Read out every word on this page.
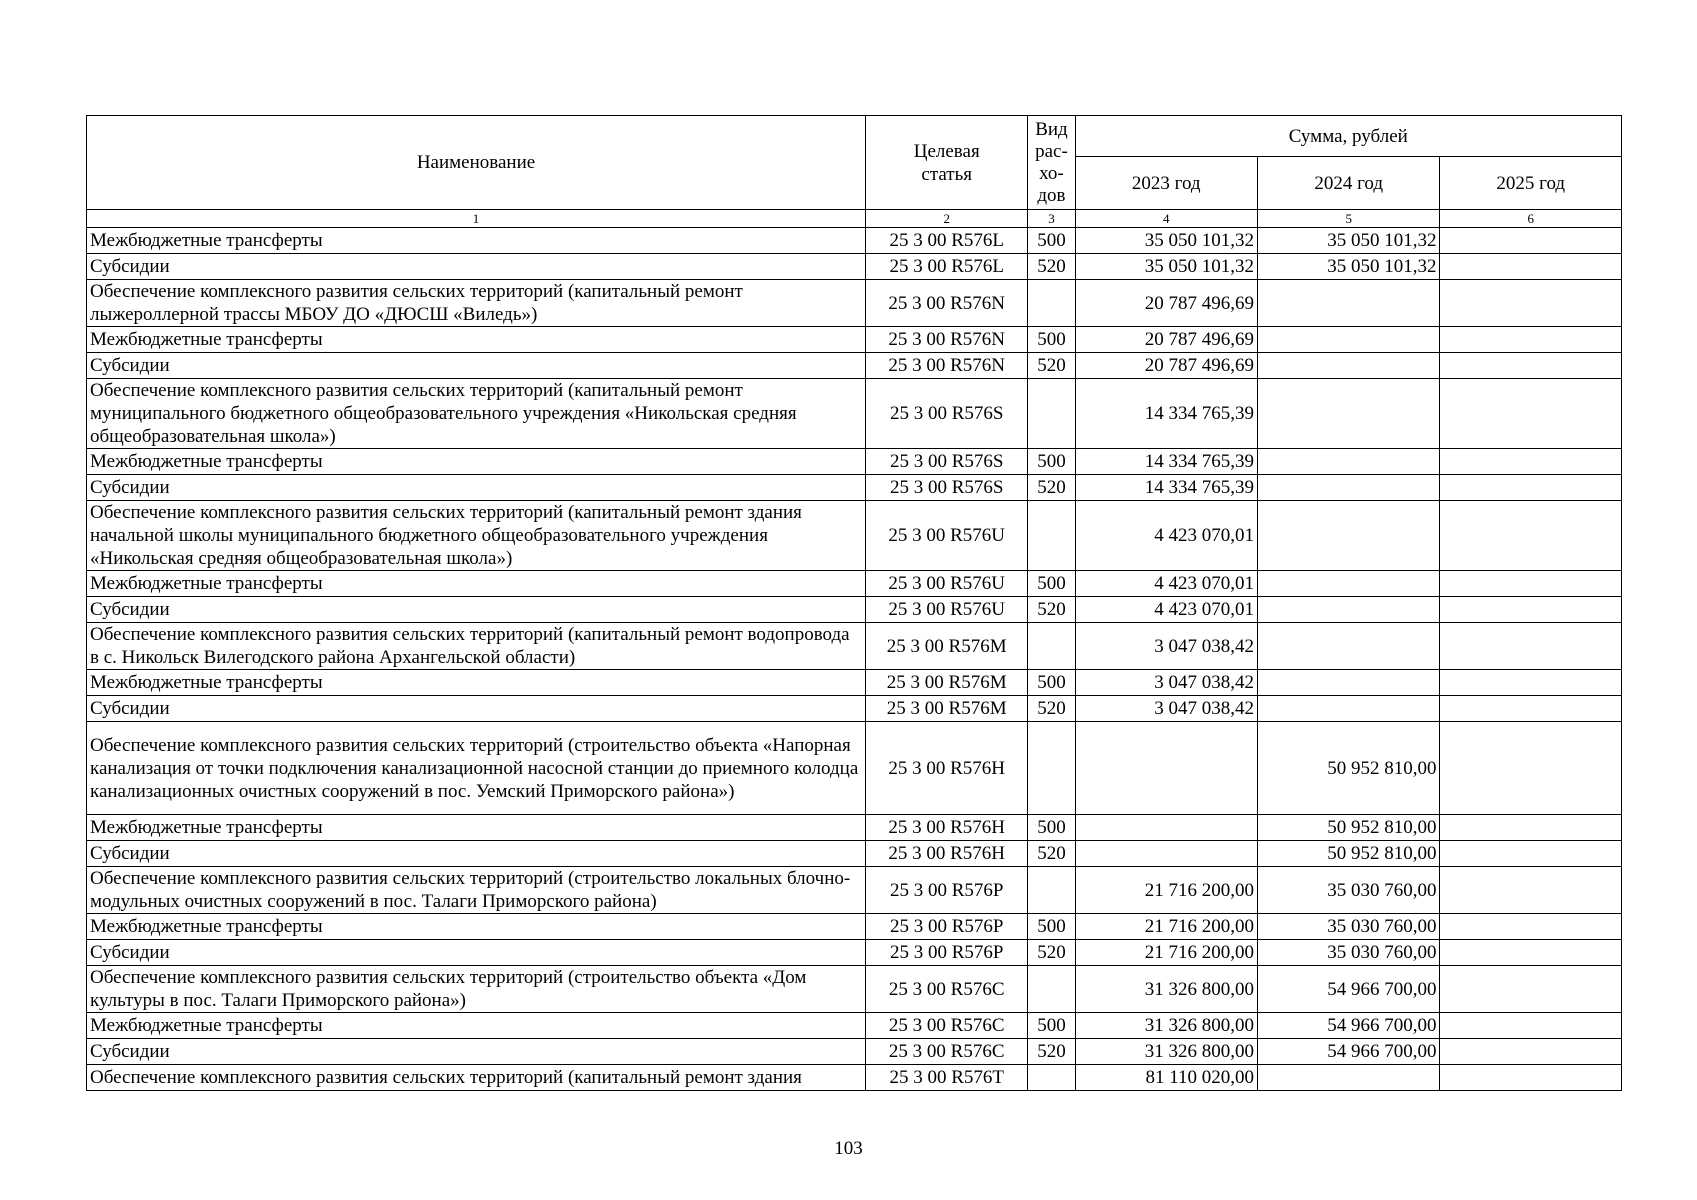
Наименование	Целевая статья	Вид рас-хо-дов	Сумма, рублей		
			2023 год	2024 год	2025 год
1	2	3	4	5	6
Межбюджетные трансферты	25 3 00 R576L	500	35 050 101,32	35 050 101,32	
Субсидии	25 3 00 R576L	520	35 050 101,32	35 050 101,32	
Обеспечение комплексного развития сельских территорий (капитальный ремонт лыжероллерной трассы МБОУ ДО «ДЮСШ «Виледь»)	25 3 00 R576N		20 787 496,69		
Межбюджетные трансферты	25 3 00 R576N	500	20 787 496,69		
Субсидии	25 3 00 R576N	520	20 787 496,69		
Обеспечение комплексного развития сельских территорий (капитальный ремонт муниципального бюджетного общеобразовательного учреждения «Никольская средняя общеобразовательная школа»)	25 3 00 R576S		14 334 765,39		
Межбюджетные трансферты	25 3 00 R576S	500	14 334 765,39		
Субсидии	25 3 00 R576S	520	14 334 765,39		
Обеспечение комплексного развития сельских территорий (капитальный ремонт здания начальной школы муниципального бюджетного общеобразовательного учреждения «Никольская средняя общеобразовательная школа»)	25 3 00 R576U		4 423 070,01		
Межбюджетные трансферты	25 3 00 R576U	500	4 423 070,01		
Субсидии	25 3 00 R576U	520	4 423 070,01		
Обеспечение комплексного развития сельских территорий (капитальный ремонт водопровода в с. Никольск Вилегодского района Архангельской области)	25 3 00 R576M		3 047 038,42		
Межбюджетные трансферты	25 3 00 R576M	500	3 047 038,42		
Субсидии	25 3 00 R576M	520	3 047 038,42		
Обеспечение комплексного развития сельских территорий (строительство объекта «Напорная канализация от точки подключения канализационной насосной станции до приемного колодца канализационных очистных сооружений в пос. Уемский Приморского района»)	25 3 00 R576H			50 952 810,00	
Межбюджетные трансферты	25 3 00 R576H	500		50 952 810,00	
Субсидии	25 3 00 R576H	520		50 952 810,00	
Обеспечение комплексного развития сельских территорий (строительство локальных блочно-модульных очистных сооружений в пос. Талаги Приморского района)	25 3 00 R576P		21 716 200,00	35 030 760,00	
Межбюджетные трансферты	25 3 00 R576P	500	21 716 200,00	35 030 760,00	
Субсидии	25 3 00 R576P	520	21 716 200,00	35 030 760,00	
Обеспечение комплексного развития сельских территорий (строительство объекта «Дом культуры в пос. Талаги Приморского района»)	25 3 00 R576C		31 326 800,00	54 966 700,00	
Межбюджетные трансферты	25 3 00 R576C	500	31 326 800,00	54 966 700,00	
Субсидии	25 3 00 R576C	520	31 326 800,00	54 966 700,00	
Обеспечение комплексного развития сельских территорий (капитальный ремонт здания	25 3 00 R576T		81 110 020,00		
103
